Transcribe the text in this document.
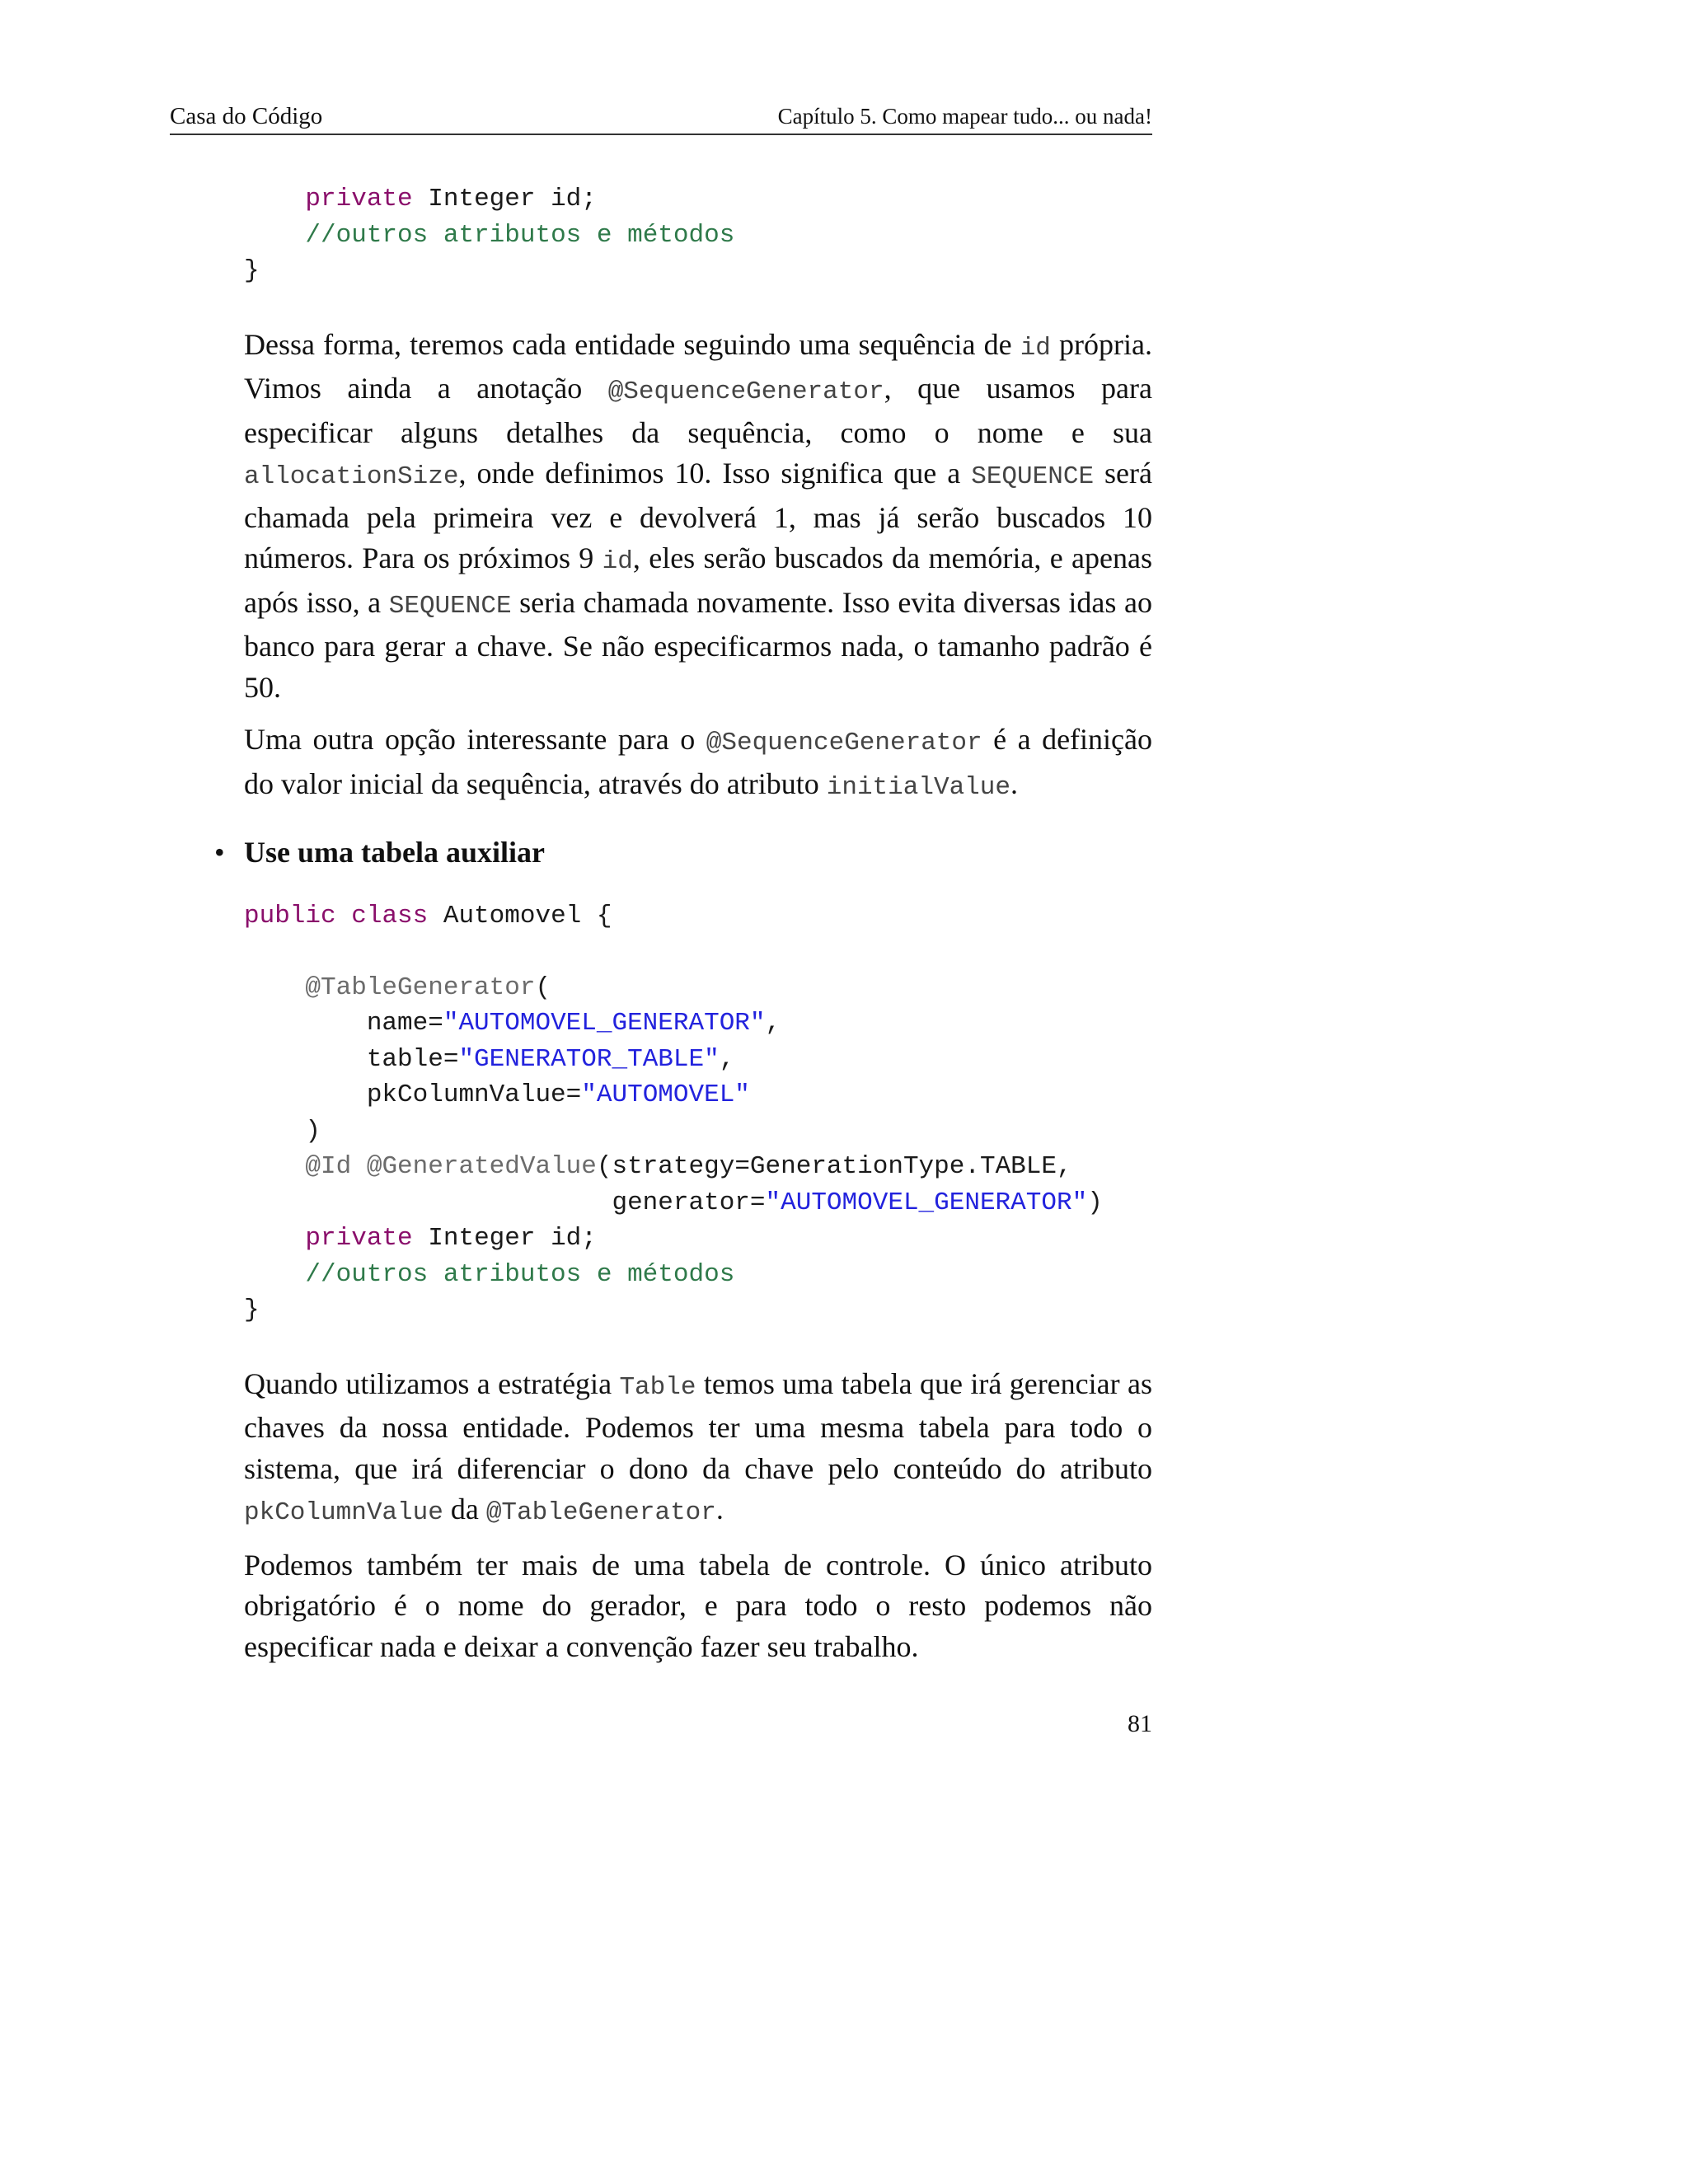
Casa do Código	Capítulo 5. Como mapear tudo... ou nada!
private Integer id;
//outros atributos e métodos
}

Dessa forma, teremos cada entidade seguindo uma sequência de id própria. Vimos ainda a anotação @SequenceGenerator, que usamos para especificar alguns detalhes da sequência, como o nome e sua allocationSize, onde definimos 10. Isso significa que a SEQUENCE será chamada pela primeira vez e devolverá 1, mas já serão buscados 10 números. Para os próximos 9 id, eles serão buscados da memória, e apenas após isso, a SEQUENCE seria chamada novamente. Isso evita diversas idas ao banco para gerar a chave. Se não especificarmos nada, o tamanho padrão é 50.

Uma outra opção interessante para o @SequenceGenerator é a definição do valor inicial da sequência, através do atributo initialValue.

• Use uma tabela auxiliar
public class Automovel {

@TableGenerator(
name="AUTOMOVEL_GENERATOR",
table="GENERATOR_TABLE",
pkColumnValue="AUTOMOVEL"
)
@Id @GeneratedValue(strategy=GenerationType.TABLE,
generator="AUTOMOVEL_GENERATOR")
private Integer id;
//outros atributos e métodos
}

Quando utilizamos a estratégia Table temos uma tabela que irá gerenciar as chaves da nossa entidade. Podemos ter uma mesma tabela para todo o sistema, que irá diferenciar o dono da chave pelo conteúdo do atributo pkColumnValue da @TableGenerator.

Podemos também ter mais de uma tabela de controle. O único atributo obrigatório é o nome do gerador, e para todo o resto podemos não especificar nada e deixar a convenção fazer seu trabalho.

81
